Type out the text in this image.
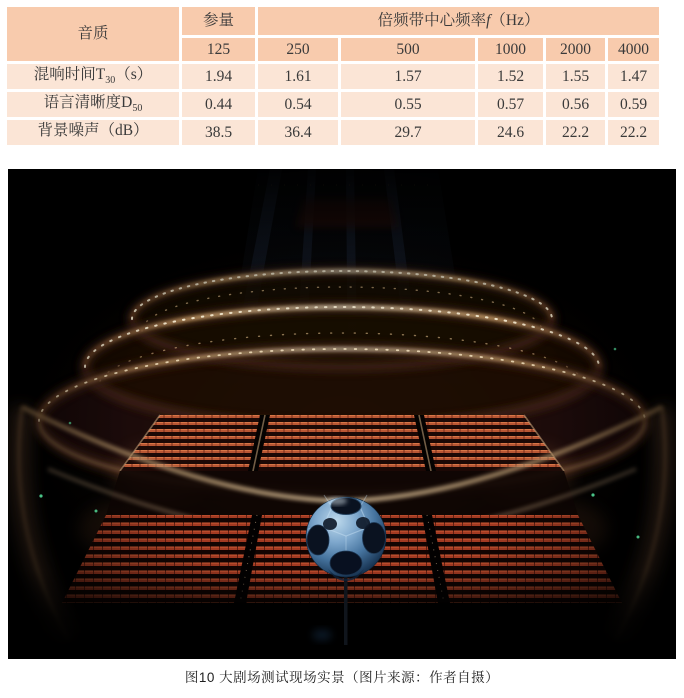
音质	参量	倍频带中心频率f（Hz）				
	125	250	500	1000	2000	4000
混响时间$T_{30}(s)$	1.94	1.61	1.57	1.52	1.55	1.47
语言清晰度$D_{50}$	0.44	0.54	0.55	0.57	0.56	0.59
背景噪声（dB）	38.5	36.4	29.7	24.6	22.2	22.2
图10 大剧场测试现场实景（图片来源：作者自摄）
